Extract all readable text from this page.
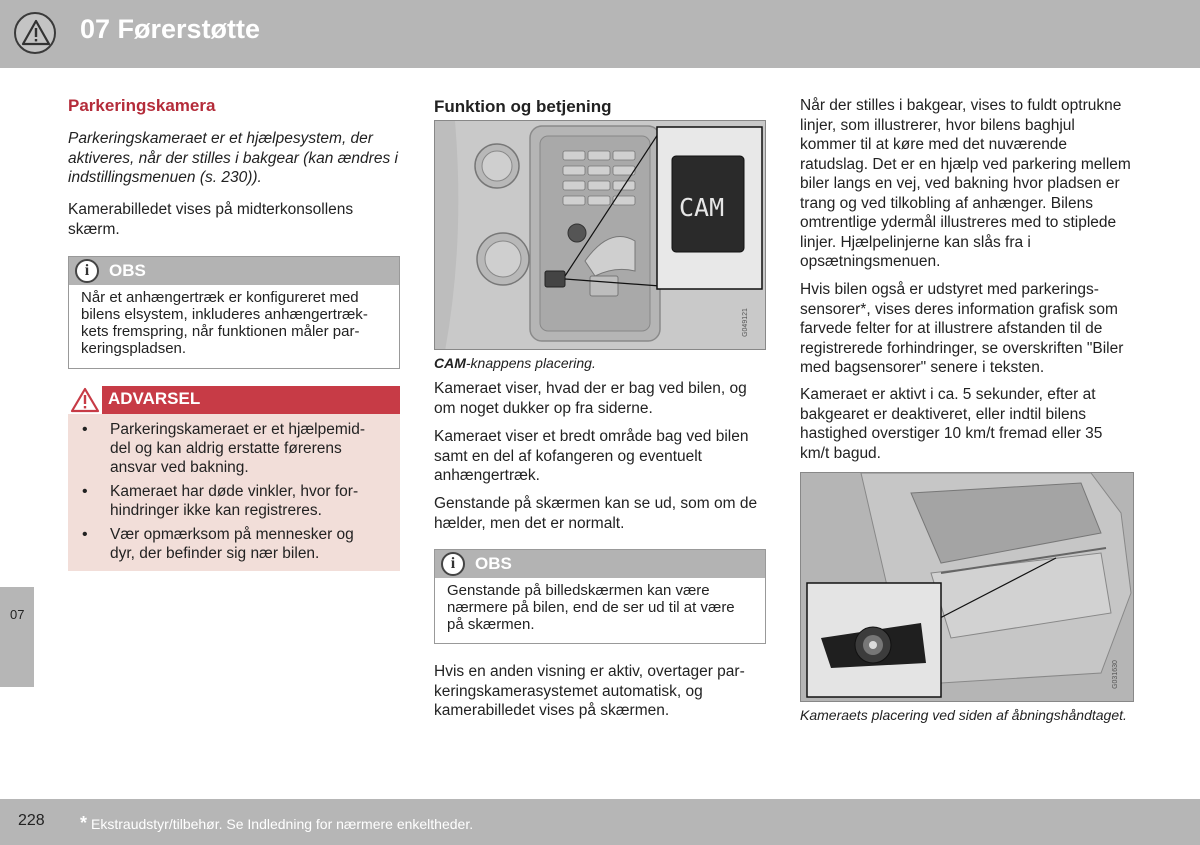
07 Førerstøtte
07
Parkeringskamera

Parkeringskameraet er et hjælpesystem, der aktiveres, når der stilles i bakgear (kan ændres i indstillingsmenuen (s. 230)).

Kamerabilledet vises på midterkonsollens skærm.

i	OBS
Når et anhængertræk er konfigureret med bilens elsystem, inkluderes anhængertrækkets fremspring, når funktionen måler parkeringspladsen.
ADVARSEL
• Parkeringskameraet er et hjælpemiddel og kan aldrig erstatte førerens ansvar ved bakning.
• Kameraet har døde vinkler, hvor forhindringer ikke kan registreres.
• Vær opmærksom på mennesker og dyr, der befinder sig nær bilen.
Funktion og betjening
CAM
G049121
CAM-knappens placering.

Kameraet viser, hvad der er bag ved bilen, og om noget dukker op fra siderne.

Kameraet viser et bredt område bag ved bilen samt en del af kofangeren og eventuelt anhængertræk.

Genstande på skærmen kan se ud, som om de hælder, men det er normalt.

i	OBS
Genstande på billedskærmen kan være nærmere på bilen, end de ser ud til at være på skærmen.

Hvis en anden visning er aktiv, overtager parkeringskamerasystemet automatisk, og kamerabilledet vises på skærmen.

Når der stilles i bakgear, vises to fuldt optrukne linjer, som illustrerer, hvor bilens baghjul kommer til at køre med det nuværende ratudslag. Det er en hjælp ved parkering mellem biler langs en vej, ved bakning hvor pladsen er trang og ved tilkobling af anhænger. Bilens omtrentlige ydermål illustreres med to stiplede linjer. Hjælpelinjerne kan slås fra i opsætningsmenuen.

Hvis bilen også er udstyret med parkeringssensorer*, vises deres information grafisk som farvede felter for at illustrere afstanden til de registrerede forhindringer, se overskriften "Biler med bagsensorer" senere i teksten.

Kameraet er aktivt i ca. 5 sekunder, efter at bakgearet er deaktiveret, eller indtil bilens hastighed overstiger 10 km/t fremad eller 35 km/t bagud.

G031630
Kameraets placering ved siden af åbningshåndtaget.
228 * Ekstraudstyr/tilbehør. Se Indledning for nærmere enkeltheder.
